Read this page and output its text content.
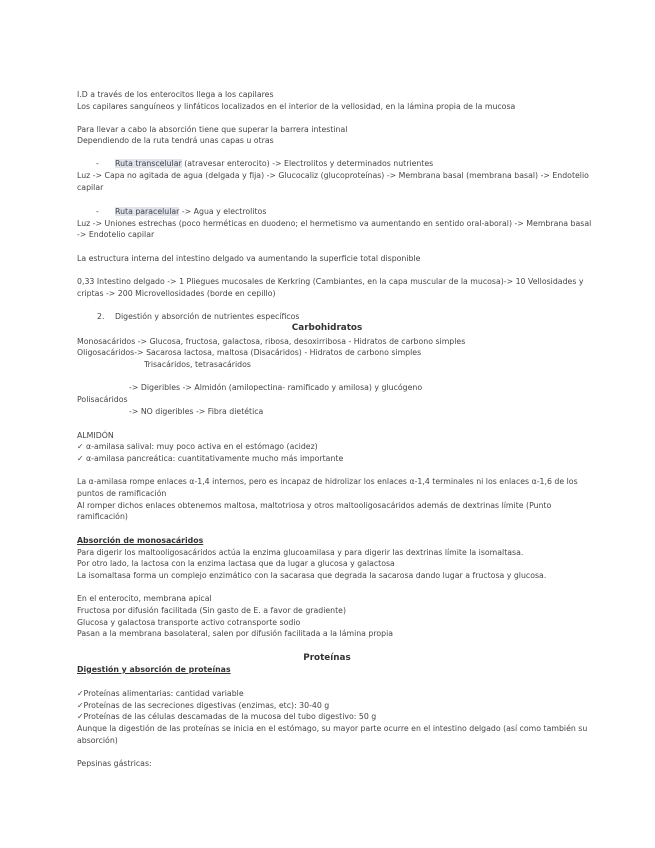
I.D a través de los enterocitos llega a los capilares
Los capilares sanguíneos y linfáticos localizados en el interior de la vellosidad, en la lámina propia de la mucosa
Para llevar a cabo la absorción tiene que superar la barrera intestinal
Dependiendo de la ruta tendrá unas capas u otras
- Ruta transcelular (atravesar enterocito) -> Electrolitos y determinados nutrientes
Luz -> Capa no agitada de agua (delgada y fija) -> Glucocaliz (glucoproteínas) -> Membrana basal (membrana basal) -> Endotelio
capilar
- Ruta paracelular -> Agua y electrolitos
Luz -> Uniones estrechas (poco herméticas en duodeno; el hermetismo va aumentando en sentido oral-aboral) -> Membrana basal
-> Endotelio capilar
La estructura interna del intestino delgado va aumentando la superficie total disponible
0,33 Intestino delgado -> 1 Pliegues mucosales de Kerkring (Cambiantes, en la capa muscular de la mucosa)-> 10 Vellosidades y
criptas -> 200 Microvellosidades (borde en cepillo)
2. Digestión y absorción de nutrientes específicos
Carbohidratos
Monosacáridos -> Glucosa, fructosa, galactosa, ribosa, desoxirribosa - Hidratos de carbono simples
Oligosacáridos-> Sacarosa lactosa, maltosa (Disacáridos) - Hidratos de carbono simples
Trisacáridos, tetrasacáridos
-> Digeribles -> Almidón (amilopectina- ramificado y amilosa) y glucógeno
Polisacáridos
-> NO digeribles -> Fibra dietética
ALMIDÓN
✓ α-amilasa salival: muy poco activa en el estómago (acidez)
✓ α-amilasa pancreática: cuantitativamente mucho más importante
La α-amilasa rompe enlaces α-1,4 internos, pero es incapaz de hidrolizar los enlaces α-1,4 terminales ni los enlaces α-1,6 de los
puntos de ramificación
Al romper dichos enlaces obtenemos maltosa, maltotriosa y otros maltooligosacáridos además de dextrinas límite (Punto
ramificación)
Absorción de monosacáridos
Para digerir los maltooligosacáridos actúa la enzima glucoamilasa y para digerir las dextrinas límite la isomaltasa.
Por otro lado, la lactosa con la enzima lactasa que da lugar a glucosa y galactosa
La isomaltasa forma un complejo enzimático con la sacarasa que degrada la sacarosa dando lugar a fructosa y glucosa.
En el enterocito, membrana apical
Fructosa por difusión facilitada (Sin gasto de E. a favor de gradiente)
Glucosa y galactosa transporte activo cotransporte sodio
Pasan a la membrana basolateral, salen por difusión facilitada a la lámina propia
Proteínas
Digestión y absorción de proteínas
✓Proteínas alimentarias: cantidad variable
✓Proteínas de las secreciones digestivas (enzimas, etc): 30-40 g
✓Proteínas de las células descamadas de la mucosa del tubo digestivo: 50 g
Aunque la digestión de las proteínas se inicia en el estómago, su mayor parte ocurre en el intestino delgado (así como también su
absorción)
Pepsinas gástricas:
